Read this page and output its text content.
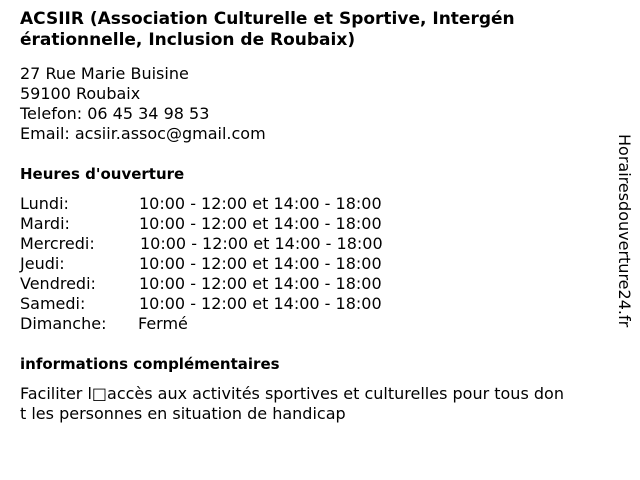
ACSIIR (Association Culturelle et Sportive, Intergén
érationnelle, Inclusion de Roubaix)
27 Rue Marie Buisine
59100 Roubaix
Telefon: 06 45 34 98 53
Email: acsiir.assoc@gmail.com
Heures d'ouverture
Lundi:	10:00 - 12:00 et 14:00 - 18:00
Mardi:	10:00 - 12:00 et 14:00 - 18:00
Mercredi:	10:00 - 12:00 et 14:00 - 18:00
Jeudi:	10:00 - 12:00 et 14:00 - 18:00
Vendredi:	10:00 - 12:00 et 14:00 - 18:00
Samedi:	10:00 - 12:00 et 14:00 - 18:00
Dimanche: Fermé
informations complémentaires
Faciliter l□accès aux activités sportives et culturelles pour tous don
t les personnes en situation de handicap
Horairesdouverture24.fr
